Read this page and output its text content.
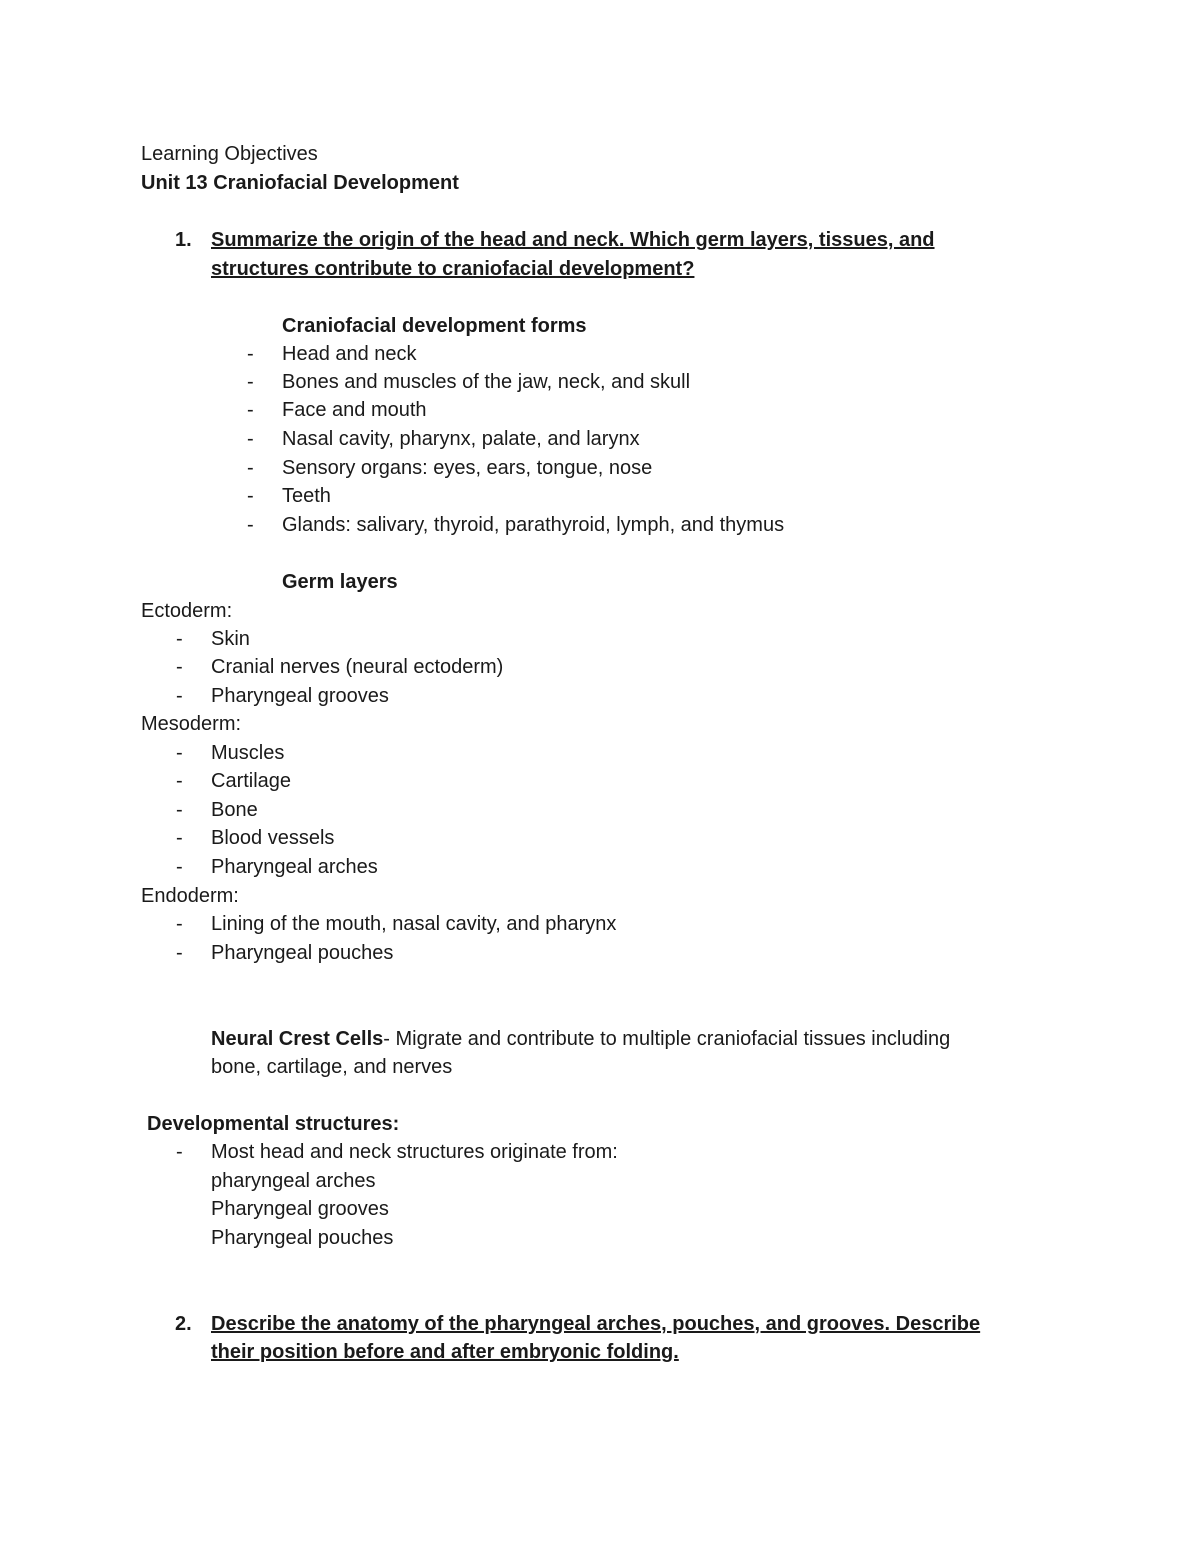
Learning Objectives
Unit 13 Craniofacial Development
1. Summarize the origin of the head and neck. Which germ layers, tissues, and
structures contribute to craniofacial development?
Craniofacial development forms
- Head and neck
- Bones and muscles of the jaw, neck, and skull
- Face and mouth
- Nasal cavity, pharynx, palate, and larynx
- Sensory organs: eyes, ears, tongue, nose
- Teeth
- Glands: salivary, thyroid, parathyroid, lymph, and thymus
Germ layers
Ectoderm:
- Skin
- Cranial nerves (neural ectoderm)
- Pharyngeal grooves
Mesoderm:
- Muscles
- Cartilage
- Bone
- Blood vessels
- Pharyngeal arches
Endoderm:
- Lining of the mouth, nasal cavity, and pharynx
- Pharyngeal pouches
Neural Crest Cells- Migrate and contribute to multiple craniofacial tissues including
bone, cartilage, and nerves
Developmental structures:
- Most head and neck structures originate from:
pharyngeal arches
Pharyngeal grooves
Pharyngeal pouches
2. Describe the anatomy of the pharyngeal arches, pouches, and grooves. Describe
their position before and after embryonic folding.
